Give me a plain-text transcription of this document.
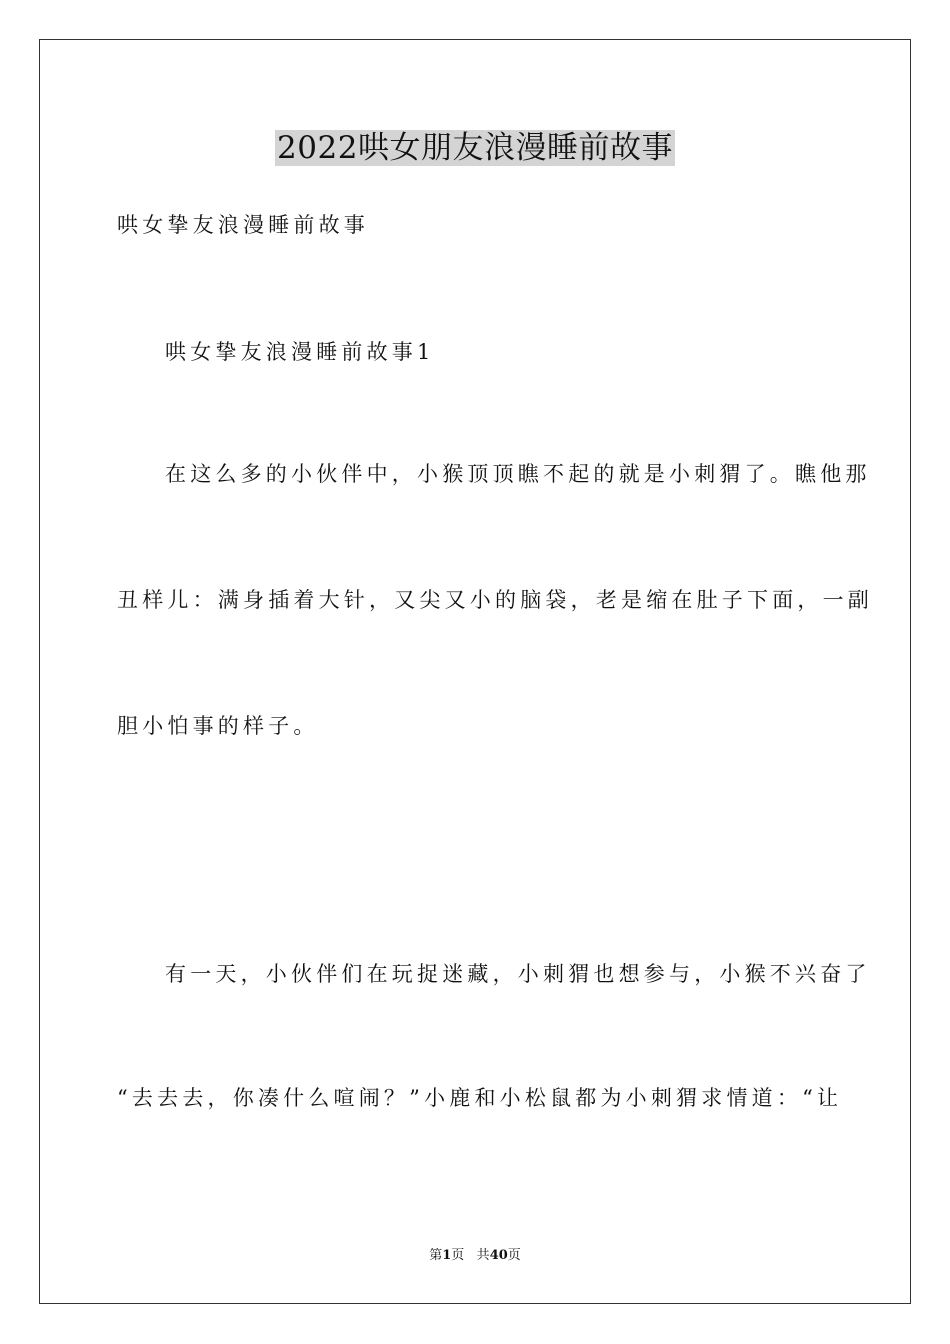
2022哄女朋友浪漫睡前故事

哄女挚友浪漫睡前故事

哄女挚友浪漫睡前故事1

在这么多的小伙伴中，小猴顶顶瞧不起的就是小刺猬了。瞧他那

丑样儿：满身插着大针，又尖又小的脑袋，老是缩在肚子下面，一副

胆小怕事的样子。

有一天，小伙伴们在玩捉迷藏，小刺猬也想参与，小猴不兴奋了

“去去去，你凑什么喧闹？”小鹿和小松鼠都为小刺猬求情道：“让

第1页 共40页
